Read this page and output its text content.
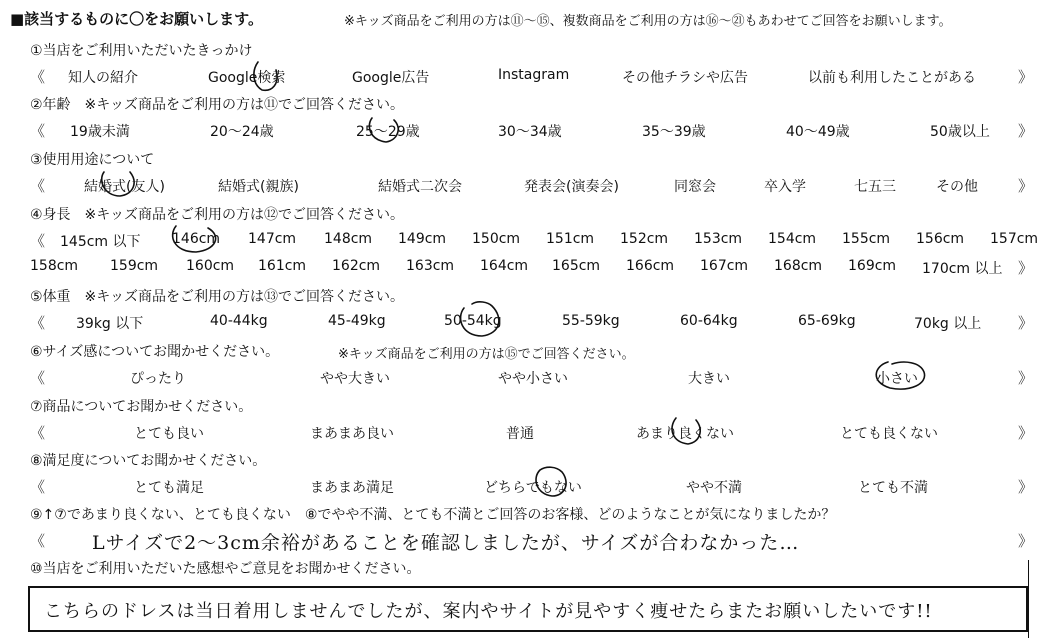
■該当するものに〇をお願いします。	※キッズ商品をご利用の方は⑪〜⑮、複数商品をご利用の方は⑯〜㉑もあわせてご回答をお願いします。
①当店をご利用いただいたきっかけ
《 知人の紹介	Google検索	Google広告	Instagram	その他チラシや広告	以前も利用したことがある	》
②年齢　※キッズ商品をご利用の方は⑪でご回答ください。
《 19歳未満	20〜24歳	25〜29歳	30〜34歳	35〜39歳	40〜49歳	50歳以上 》
③使用用途について
《	結婚式(友人)	結婚式(親族)	結婚式二次会	発表会(演奏会)	同窓会	卒入学	七五三	その他	》
④身長　※キッズ商品をご利用の方は⑫でご回答ください。
《 145cm 以下 146cm 147cm 148cm 149cm 150cm 151cm 152cm 153cm 154cm 155cm 156cm 157cm
158cm 159cm 160cm 161cm 162cm 163cm 164cm 165cm 166cm 167cm 168cm 169cm 170cm 以上 》
⑤体重　※キッズ商品をご利用の方は⑬でご回答ください。
《 39kg 以下	40-44kg	45-49kg	50-54kg	55-59kg	60-64kg	65-69kg	70kg 以上 》
⑥サイズ感についてお聞かせください。	※キッズ商品をご利用の方は⑮でご回答ください。
《	ぴったり	やや大きい	やや小さい	大きい	小さい	》
⑦商品についてお聞かせください。
《	とても良い	まあまあ良い	普通	あまり良くない	とても良くない	》
⑧満足度についてお聞かせください。
《	とても満足	まあまあ満足	どちらでもない	やや不満	とても不満	》
⑨↑⑦であまり良くない、とても良くない　⑧でやや不満、とても不満とご回答のお客様、どのようなことが気になりましたか？
《 Lサイズで2〜3cm余裕があることを確認しましたが、サイズが合わなかった…	》
⑩当店をご利用いただいた感想やご意見をお聞かせください。
こちらのドレスは当日着用しませんでしたが、案内やサイトが見やすく痩せたらまたお願いしたいです!!
